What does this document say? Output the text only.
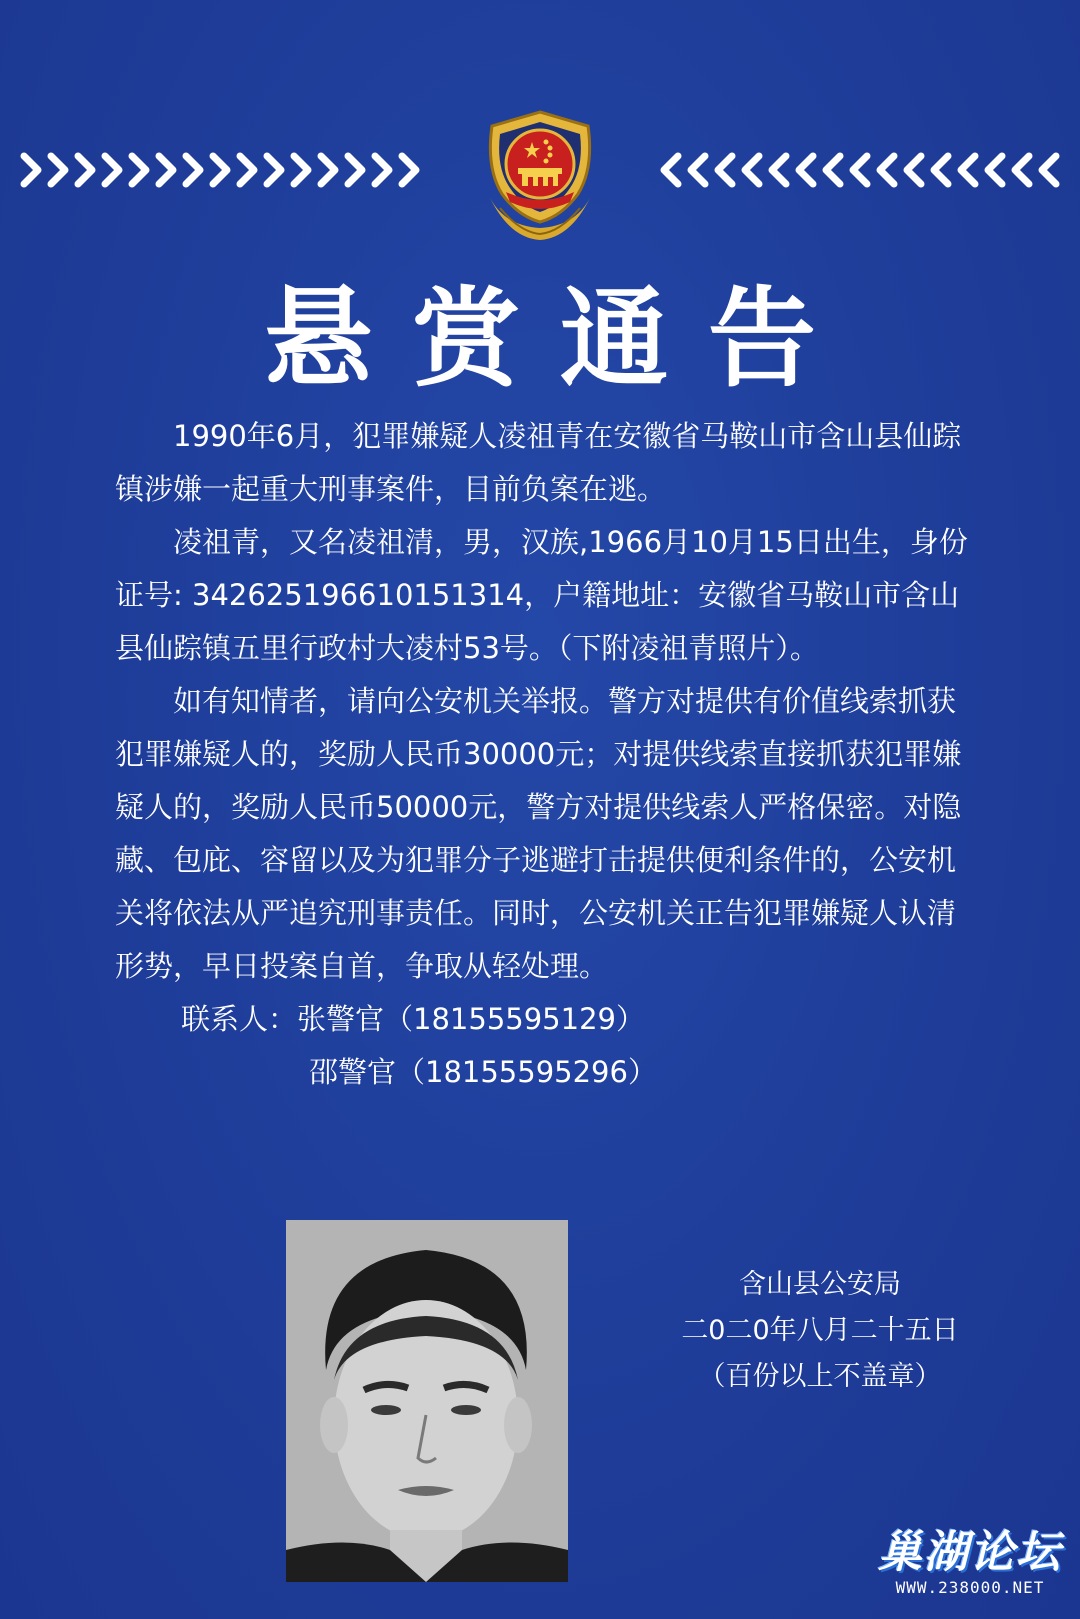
悬赏通告

1990年6月，犯罪嫌疑人凌祖青在安徽省马鞍山市含山县仙踪镇涉嫌一起重大刑事案件，目前负案在逃。

凌祖青，又名凌祖清，男，汉族,1966月10月15日出生，身份证号: 342625196610151314，户籍地址：安徽省马鞍山市含山县仙踪镇五里行政村大凌村53号。（下附凌祖青照片）。

如有知情者，请向公安机关举报。警方对提供有价值线索抓获犯罪嫌疑人的，奖励人民币30000元；对提供线索直接抓获犯罪嫌疑人的，奖励人民币50000元，警方对提供线索人严格保密。对隐藏、包庇、容留以及为犯罪分子逃避打击提供便利条件的，公安机关将依法从严追究刑事责任。同时，公安机关正告犯罪嫌疑人认清形势，早日投案自首，争取从轻处理。

联系人： 张警官（18155595129）
邵警官（18155595296）
含山县公安局
二0二0年八月二十五日
（百份以上不盖章）
巢湖论坛
WWW.238000.NET
